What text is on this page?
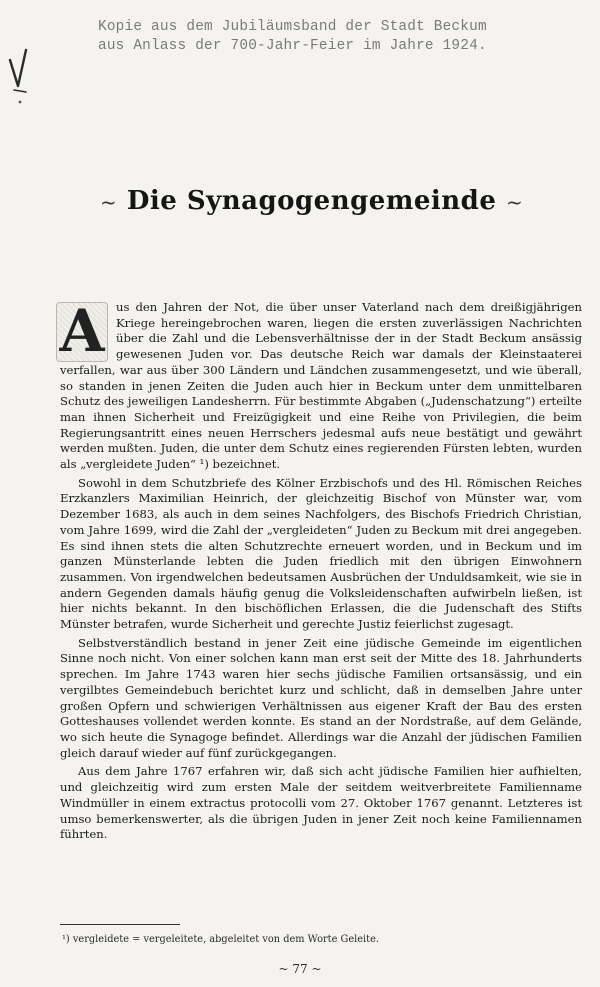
Kopie aus dem Jubiläumsband der Stadt Beckum
aus Anlass der 700-Jahr-Feier im Jahre 1924.
~ Die Synagogengemeinde ~

A us den Jahren der Not, die über unser Vaterland nach dem dreißigjährigen Kriege hereingebrochen waren, liegen die ersten zuverlässigen Nachrichten über die Zahl und die Lebensverhältnisse der in der Stadt Beckum ansässig gewesenen Juden vor. Das deutsche Reich war damals der Kleinstaaterei verfallen, war aus über 300 Ländern und Ländchen zusammengesetzt, und wie überall, so standen in jenen Zeiten die Juden auch hier in Beckum unter dem unmittelbaren Schutz des jeweiligen Landesherrn. Für bestimmte Abgaben („Judenschatzung“) erteilte man ihnen Sicherheit und Freizügigkeit und eine Reihe von Privilegien, die beim Regierungsantritt eines neuen Herrschers jedesmal aufs neue bestätigt und gewährt werden mußten. Juden, die unter dem Schutz eines regierenden Fürsten lebten, wurden als „vergleidete Juden“ ¹) bezeichnet.

Sowohl in dem Schutzbriefe des Kölner Erzbischofs und des Hl. Römischen Reiches Erzkanzlers Maximilian Heinrich, der gleichzeitig Bischof von Münster war, vom Dezember 1683, als auch in dem seines Nachfolgers, des Bischofs Friedrich Christian, vom Jahre 1699, wird die Zahl der „vergleideten“ Juden zu Beckum mit drei angegeben. Es sind ihnen stets die alten Schutzrechte erneuert worden, und in Beckum und im ganzen Münsterlande lebten die Juden friedlich mit den übrigen Einwohnern zusammen. Von irgendwelchen bedeutsamen Ausbrüchen der Unduldsamkeit, wie sie in andern Gegenden damals häufig genug die Volksleidenschaften aufwirbeln ließen, ist hier nichts bekannt. In den bischöflichen Erlassen, die die Judenschaft des Stifts Münster betrafen, wurde Sicherheit und gerechte Justiz feierlichst zugesagt.

Selbstverständlich bestand in jener Zeit eine jüdische Gemeinde im eigentlichen Sinne noch nicht. Von einer solchen kann man erst seit der Mitte des 18. Jahrhunderts sprechen. Im Jahre 1743 waren hier sechs jüdische Familien ortsansässig, und ein vergilbtes Gemeindebuch berichtet kurz und schlicht, daß in demselben Jahre unter großen Opfern und schwierigen Verhältnissen aus eigener Kraft der Bau des ersten Gotteshauses vollendet werden konnte. Es stand an der Nordstraße, auf dem Gelände, wo sich heute die Synagoge befindet. Allerdings war die Anzahl der jüdischen Familien gleich darauf wieder auf fünf zurückgegangen.

Aus dem Jahre 1767 erfahren wir, daß sich acht jüdische Familien hier aufhielten, und gleichzeitig wird zum ersten Male der seitdem weitverbreitete Familienname Windmüller in einem extractus protocolli vom 27. Oktober 1767 genannt. Letzteres ist umso bemerkenswerter, als die übrigen Juden in jener Zeit noch keine Familiennamen führten.

¹) vergleidete = vergeleitete, abgeleitet von dem Worte Geleite.
~ 77 ~
